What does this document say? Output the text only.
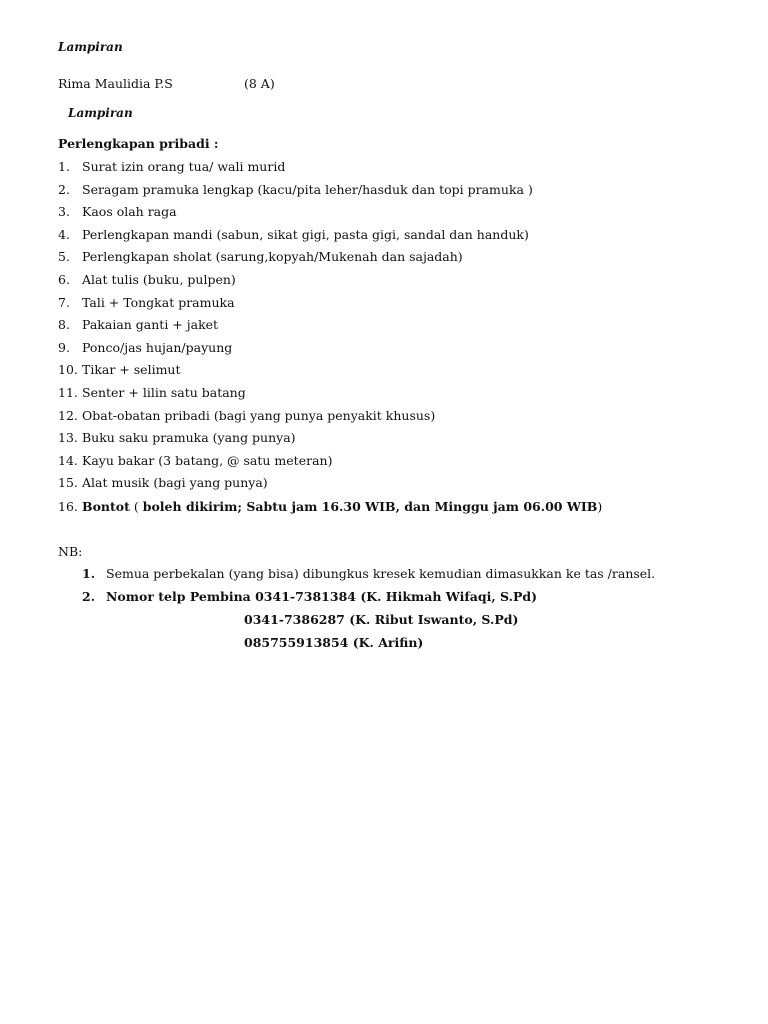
Lampiran
Rima Maulidia P.S	(8 A)
Lampiran
Perlengkapan pribadi :
1. Surat izin orang tua/ wali murid
2. Seragam pramuka lengkap (kacu/pita leher/hasduk dan topi pramuka )
3. Kaos olah raga
4. Perlengkapan mandi (sabun, sikat gigi, pasta gigi, sandal dan handuk)
5. Perlengkapan sholat (sarung,kopyah/Mukenah dan sajadah)
6. Alat tulis (buku, pulpen)
7. Tali + Tongkat pramuka
8. Pakaian ganti + jaket
9. Ponco/jas hujan/payung
10. Tikar + selimut
11. Senter + lilin satu batang
12. Obat-obatan pribadi (bagi yang punya penyakit khusus)
13. Buku saku pramuka (yang punya)
14. Kayu bakar (3 batang, @ satu meteran)
15. Alat musik (bagi yang punya)
16. Bontot ( boleh dikirim; Sabtu jam 16.30 WIB, dan Minggu jam 06.00 WIB)
NB:
1. Semua perbekalan (yang bisa) dibungkus kresek kemudian dimasukkan ke tas /ransel.
2. Nomor telp Pembina 0341-7381384 (K. Hikmah Wifaqi, S.Pd)
0341-7386287 (K. Ribut Iswanto, S.Pd)
085755913854 (K. Arifin)
